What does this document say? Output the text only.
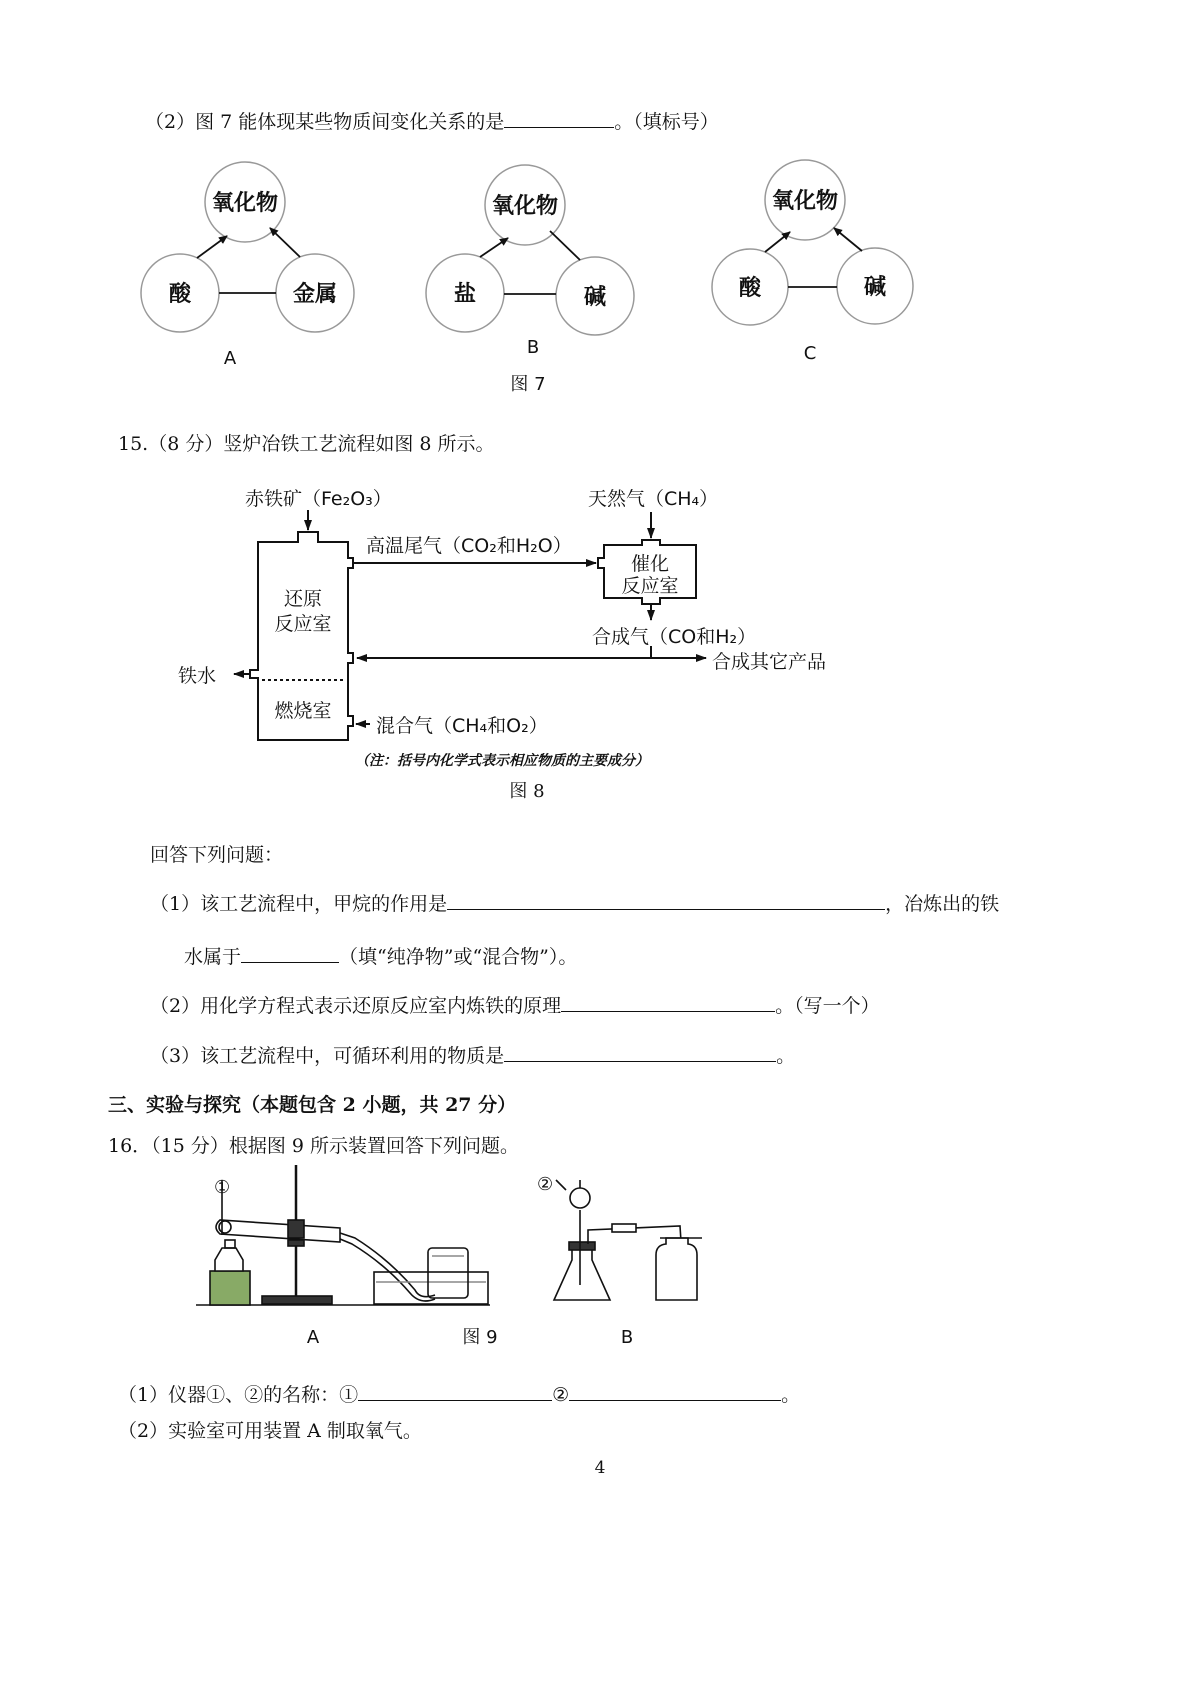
（2）图 7 能体现某些物质间变化关系的是	。（填标号）
氧化物
酸	金属
氧化物
盐	碱
氧化物
酸	碱
A
B	C
图 7
15.（8 分）竖炉冶铁工艺流程如图 8 所示。
赤铁矿（Fe₂O₃）	天然气（CH₄）
高温尾气（CO₂和H₂O）
还原
反应室
催化
反应室
合成气（CO和H₂）
铁水
合成其它产品
燃烧室
混合气（CH₄和O₂）
（注：括号内化学式表示相应物质的主要成分）
图 8
回答下列问题：
（1）该工艺流程中，甲烷的作用是	，冶炼出的铁
水属于	（填“纯净物”或“混合物”）。
（2）用化学方程式表示还原反应室内炼铁的原理	。（写一个）
（3）该工艺流程中，可循环利用的物质是	。
三、实验与探究（本题包含 2 小题，共 27 分）
16．（15 分）根据图 9 所示装置回答下列问题。
①	②
A	图 9	B
（1）仪器①、②的名称：①	②	。
（2）实验室可用装置 A 制取氧气。
4
